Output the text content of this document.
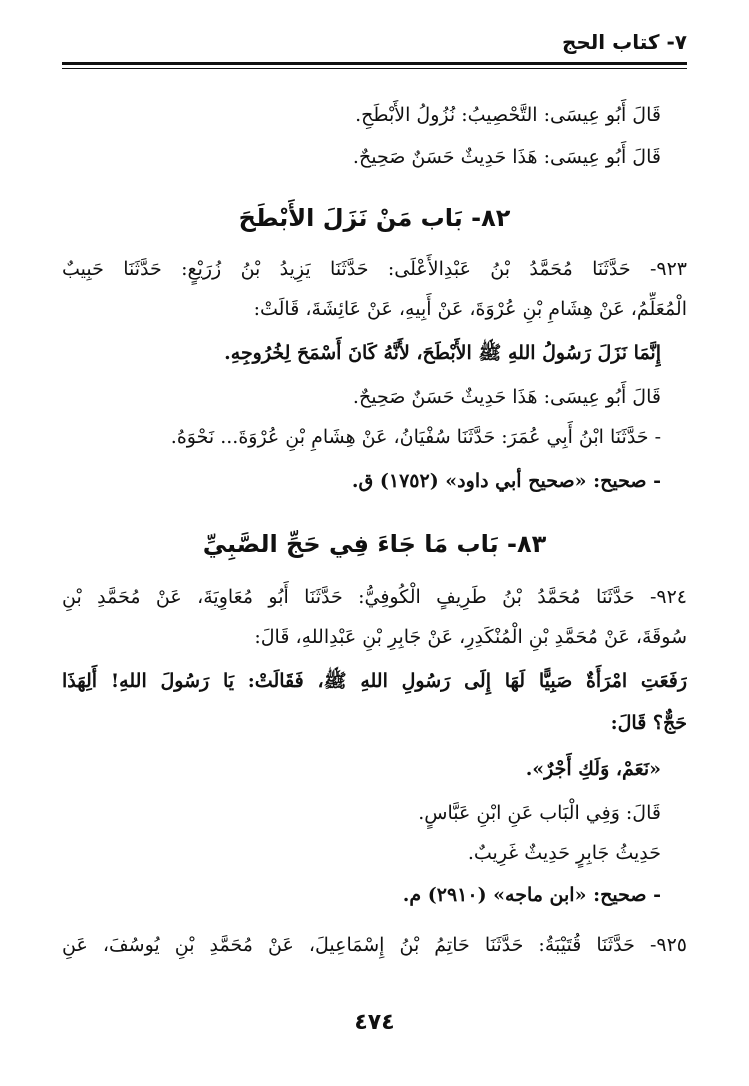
٧- كتاب الحج
قَالَ أَبُو عِيسَى: التَّحْصِيبُ: نُزُولُ الأَبْطَحِ.
قَالَ أَبُو عِيسَى: هَذَا حَدِيثٌ حَسَنٌ صَحِيحٌ.
٨٢- بَاب مَنْ نَزَلَ الأَبْطَحَ
٩٢٣- حَدَّثَنَا مُحَمَّدُ بْنُ عَبْدِالأَعْلَى: حَدَّثَنَا يَزِيدُ بْنُ زُرَيْعٍ: حَدَّثَنَا حَبِيبٌ
الْمُعَلِّمُ، عَنْ هِشَامِ بْنِ عُرْوَةَ، عَنْ أَبِيهِ، عَنْ عَائِشَةَ، قَالَتْ:
إِنَّمَا نَزَلَ رَسُولُ اللهِ ﷺ الأَبْطَحَ، لأَنَّهُ كَانَ أَسْمَحَ لِخُرُوجِهِ.
قَالَ أَبُو عِيسَى: هَذَا حَدِيثٌ حَسَنٌ صَحِيحٌ.
- حَدَّثَنَا ابْنُ أَبِي عُمَرَ: حَدَّثَنَا سُفْيَانُ، عَنْ هِشَامِ بْنِ عُرْوَةَ... نَحْوَهُ.
- صحيح: «صحيح أبي داود» (١٧٥٢) ق.
٨٣- بَاب مَا جَاءَ فِي حَجِّ الصَّبِيِّ
٩٢٤- حَدَّثَنَا مُحَمَّدُ بْنُ طَرِيفٍ الْكُوفِيُّ: حَدَّثَنَا أَبُو مُعَاوِيَةَ، عَنْ مُحَمَّدِ بْنِ
سُوقَةَ، عَنْ مُحَمَّدِ بْنِ الْمُنْكَدِرِ، عَنْ جَابِرِ بْنِ عَبْدِاللهِ، قَالَ:
رَفَعَتِ امْرَأَةٌ صَبِيًّا لَهَا إِلَى رَسُولِ اللهِ ﷺ، فَقَالَتْ: يَا رَسُولَ اللهِ! أَلِهَذَا
حَجٌّ؟ قَالَ:
«نَعَمْ، وَلَكِ أَجْرٌ».
قَالَ: وَفِي الْبَاب عَنِ ابْنِ عَبَّاسٍ.
حَدِيثُ جَابِرٍ حَدِيثٌ غَرِيبٌ.
- صحيح: «ابن ماجه» (٢٩١٠) م.
٩٢٥- حَدَّثَنَا قُتَيْبَةُ: حَدَّثَنَا حَاتِمُ بْنُ إِسْمَاعِيلَ، عَنْ مُحَمَّدِ بْنِ يُوسُفَ، عَنِ
٤٧٤
